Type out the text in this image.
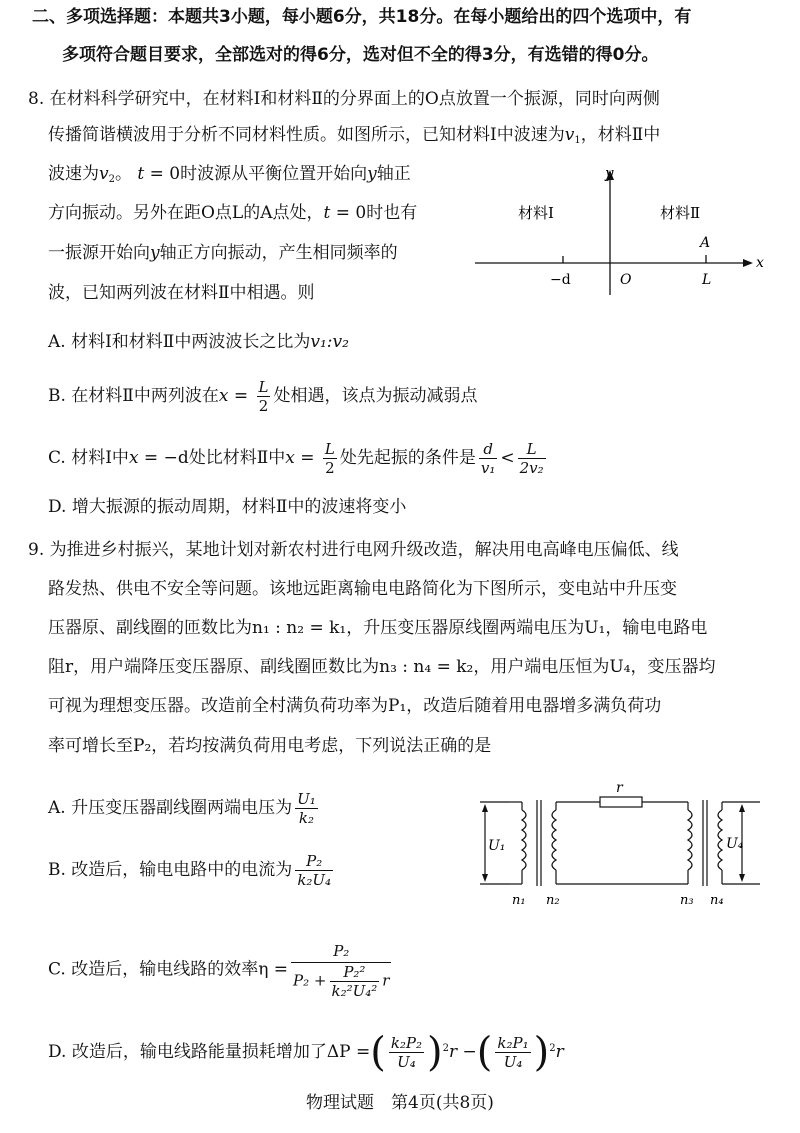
二、多项选择题：本题共3小题，每小题6分，共18分。在每小题给出的四个选项中，有
多项符合题目要求，全部选对的得6分，选对但不全的得3分，有选错的得0分。
8. 在材料科学研究中，在材料Ⅰ和材料Ⅱ的分界面上的O点放置一个振源，同时向两侧
传播简谐横波用于分析不同材料性质。如图所示，已知材料Ⅰ中波速为$v_1$，材料Ⅱ中
波速为$v_2$。 t = 0时波源从平衡位置开始向y轴正
方向振动。另外在距O点L的A点处，t = 0时也有
一振源开始向y轴正方向振动，产生相同频率的
波，已知两列波在材料Ⅱ中相遇。则
y
x
材料Ⅰ	材料Ⅱ
A
−d	O	L
A. 材料Ⅰ和材料Ⅱ中两波波长之比为v₁:v₂
B. 在材料Ⅱ中两列波在$x = \frac{L}{2}$ 处相遇，该点为振动减弱点
C. 材料Ⅰ中x = −d处比材料Ⅱ中$x = \frac{L}{2}$ 处先起振的条件是 $\frac{d}{\text{v₁}} < \frac{L}{\text{2v₂}}$
D. 增大振源的振动周期，材料Ⅱ中的波速将变小
9. 为推进乡村振兴，某地计划对新农村进行电网升级改造，解决用电高峰电压偏低、线
路发热、供电不安全等问题。该地远距离输电电路简化为下图所示，变电站中升压变
压器原、副线圈的匝数比为n₁ : n₂ = k₁，升压变压器原线圈两端电压为U₁，输电电路电
阻r，用户端降压变压器原、副线圈匝数比为n₃ : n₄ = k₂，用户端电压恒为U₄，变压器均
可视为理想变压器。改造前全村满负荷功率为P₁，改造后随着用电器增多满负荷功
率可增长至P₂，若均按满负荷用电考虑，下列说法正确的是
U₁
r
U₄
n₁ n₂	n₃ n₄
A. 升压变压器副线圈两端电压为 $\frac{\text{U₁}}{\text{k₂}}$
B. 改造后，输电电路中的电流为 $\frac{\text{P₂}}{\text{k₂U₄}}$
C. 改造后，输电线路的效率$\eta = \frac{\text{P₂}}{P_2 + \frac{\text{P₂²}}{\text{k₂²U₄²}} r}$
D. 改造后，输电线路能量损耗增加了ΔP =( $\frac{\text{k₂P₂}}{\text{U₄}} )^2r$ −( $\frac{\text{k₂P₁}}{\text{U₄}} )^2r$
物理试题　第4页(共8页)
